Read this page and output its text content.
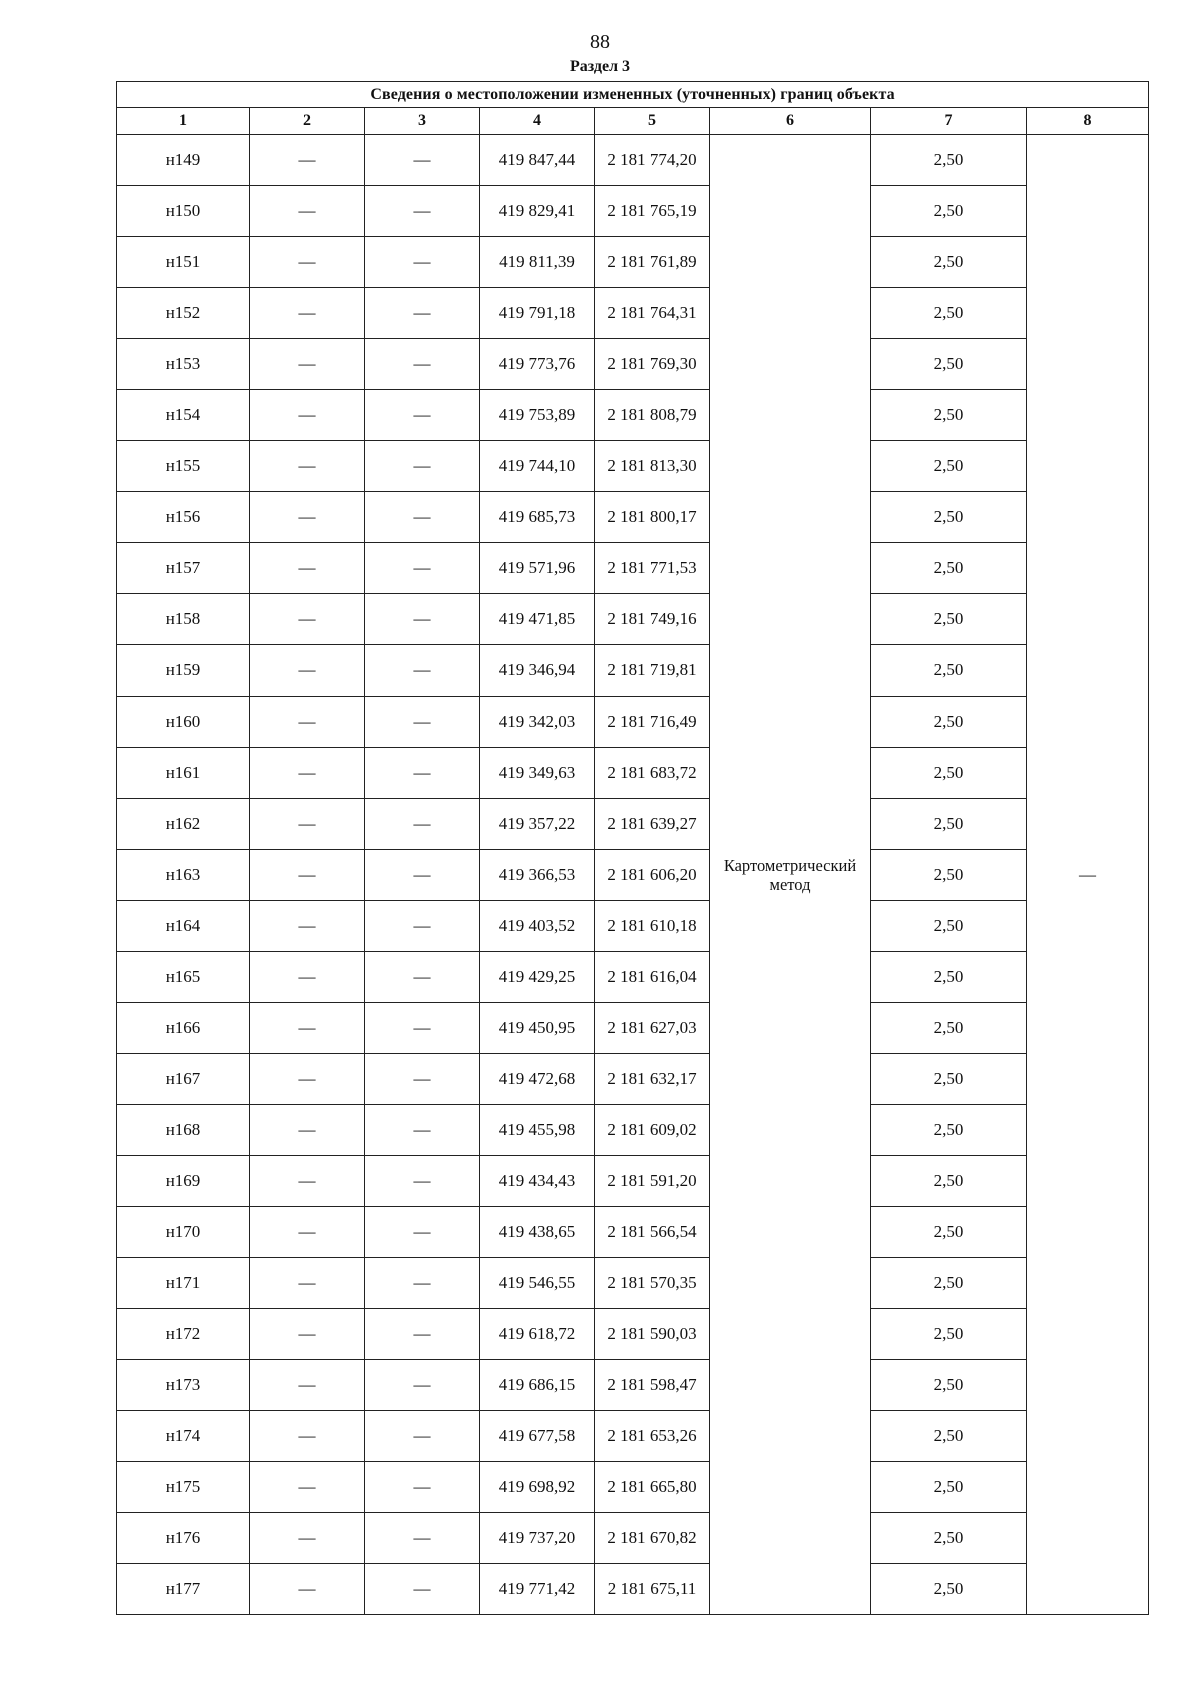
88
Раздел 3
Сведения о местоположении измененных (уточненных) границ объекта							
1	2	3	4	5	6	7	8
н149	—	—	419 847,44	2 181 774,20	Картометрический метод	2,50	—
н150	—	—	419 829,41	2 181 765,19		2,50	
н151	—	—	419 811,39	2 181 761,89		2,50	
н152	—	—	419 791,18	2 181 764,31		2,50	
н153	—	—	419 773,76	2 181 769,30		2,50	
н154	—	—	419 753,89	2 181 808,79		2,50	
н155	—	—	419 744,10	2 181 813,30		2,50	
н156	—	—	419 685,73	2 181 800,17		2,50	
н157	—	—	419 571,96	2 181 771,53		2,50	
н158	—	—	419 471,85	2 181 749,16		2,50	
н159	—	—	419 346,94	2 181 719,81		2,50	
н160	—	—	419 342,03	2 181 716,49		2,50	
н161	—	—	419 349,63	2 181 683,72		2,50	
н162	—	—	419 357,22	2 181 639,27		2,50	
н163	—	—	419 366,53	2 181 606,20		2,50	
н164	—	—	419 403,52	2 181 610,18		2,50	
н165	—	—	419 429,25	2 181 616,04		2,50	
н166	—	—	419 450,95	2 181 627,03		2,50	
н167	—	—	419 472,68	2 181 632,17		2,50	
н168	—	—	419 455,98	2 181 609,02		2,50	
н169	—	—	419 434,43	2 181 591,20		2,50	
н170	—	—	419 438,65	2 181 566,54		2,50	
н171	—	—	419 546,55	2 181 570,35		2,50	
н172	—	—	419 618,72	2 181 590,03		2,50	
н173	—	—	419 686,15	2 181 598,47		2,50	
н174	—	—	419 677,58	2 181 653,26		2,50	
н175	—	—	419 698,92	2 181 665,80		2,50	
н176	—	—	419 737,20	2 181 670,82		2,50	
н177	—	—	419 771,42	2 181 675,11		2,50	
